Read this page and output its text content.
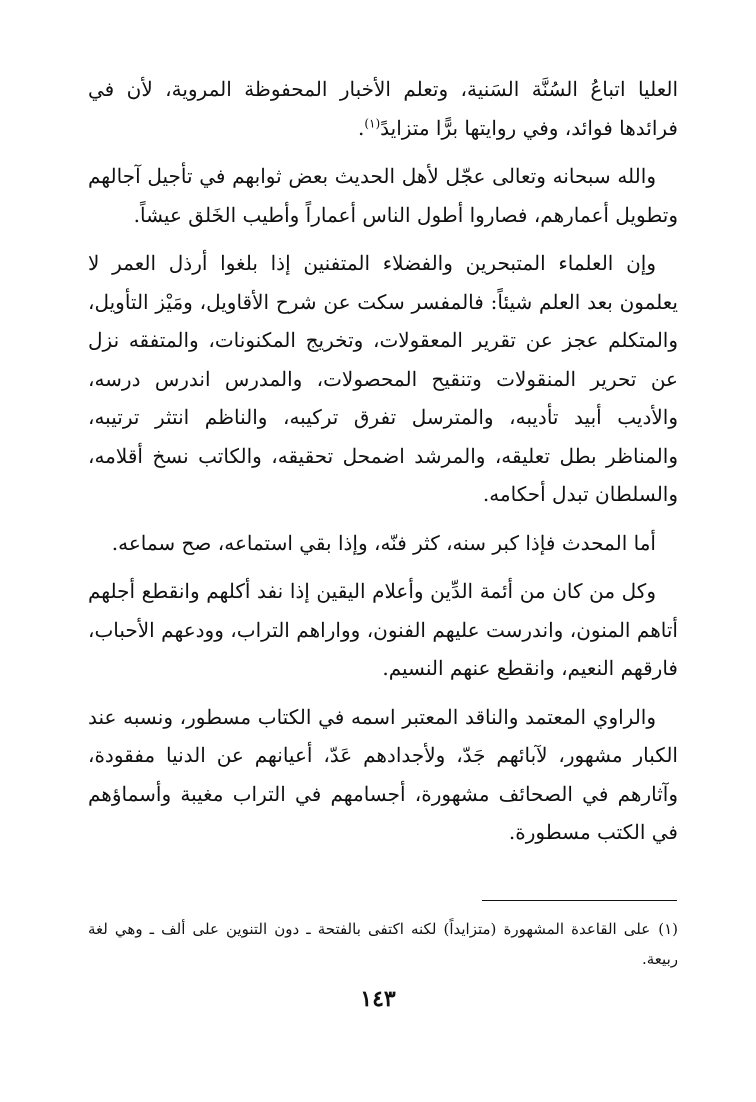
العليا اتباعُ السُنَّة السَنية، وتعلم الأخبار المحفوظة المروية، لأن في فرائدها فوائد، وفي روايتها برًّا متزايدً$^{(١)}$.

والله سبحانه وتعالى عجّل لأهل الحديث بعض ثوابهم في تأجيل آجالهم وتطويل أعمارهم، فصاروا أطول الناس أعماراً وأطيب الخَلق عيشاً.

وإن العلماء المتبحرين والفضلاء المتفنين إذا بلغوا أرذل العمر لا يعلمون بعد العلم شيئاً: فالمفسر سكت عن شرح الأقاويل، ومَيْز التأويل، والمتكلم عجز عن تقرير المعقولات، وتخريج المكنونات، والمتفقه نزل عن تحرير المنقولات وتنقيح المحصولات، والمدرس اندرس درسه، والأديب أبيد تأديبه، والمترسل تفرق تركيبه، والناظم انتثر ترتيبه، والمناظر بطل تعليقه، والمرشد اضمحل تحقيقه، والكاتب نسخ أقلامه، والسلطان تبدل أحكامه.

أما المحدث فإذا كبر سنه، كثر فنّه، وإذا بقي استماعه، صح سماعه.

وكل من كان من أئمة الدِّين وأعلام اليقين إذا نفد أكلهم وانقطع أجلهم أتاهم المنون، واندرست عليهم الفنون، وواراهم التراب، وودعهم الأحباب، فارقهم النعيم، وانقطع عنهم النسيم.

والراوي المعتمد والناقد المعتبر اسمه في الكتاب مسطور، ونسبه عند الكبار مشهور، لآبائهم جَدّ، ولأجدادهم عَدّ، أعيانهم عن الدنيا مفقودة، وآثارهم في الصحائف مشهورة، أجسامهم في التراب مغيبة وأسماؤهم في الكتب مسطورة.

(١)على القاعدة المشهورة (متزايداً) لكنه اكتفى بالفتحة ـ دون التنوين على ألف ـ وهي لغة ربيعة.
١٤٣
